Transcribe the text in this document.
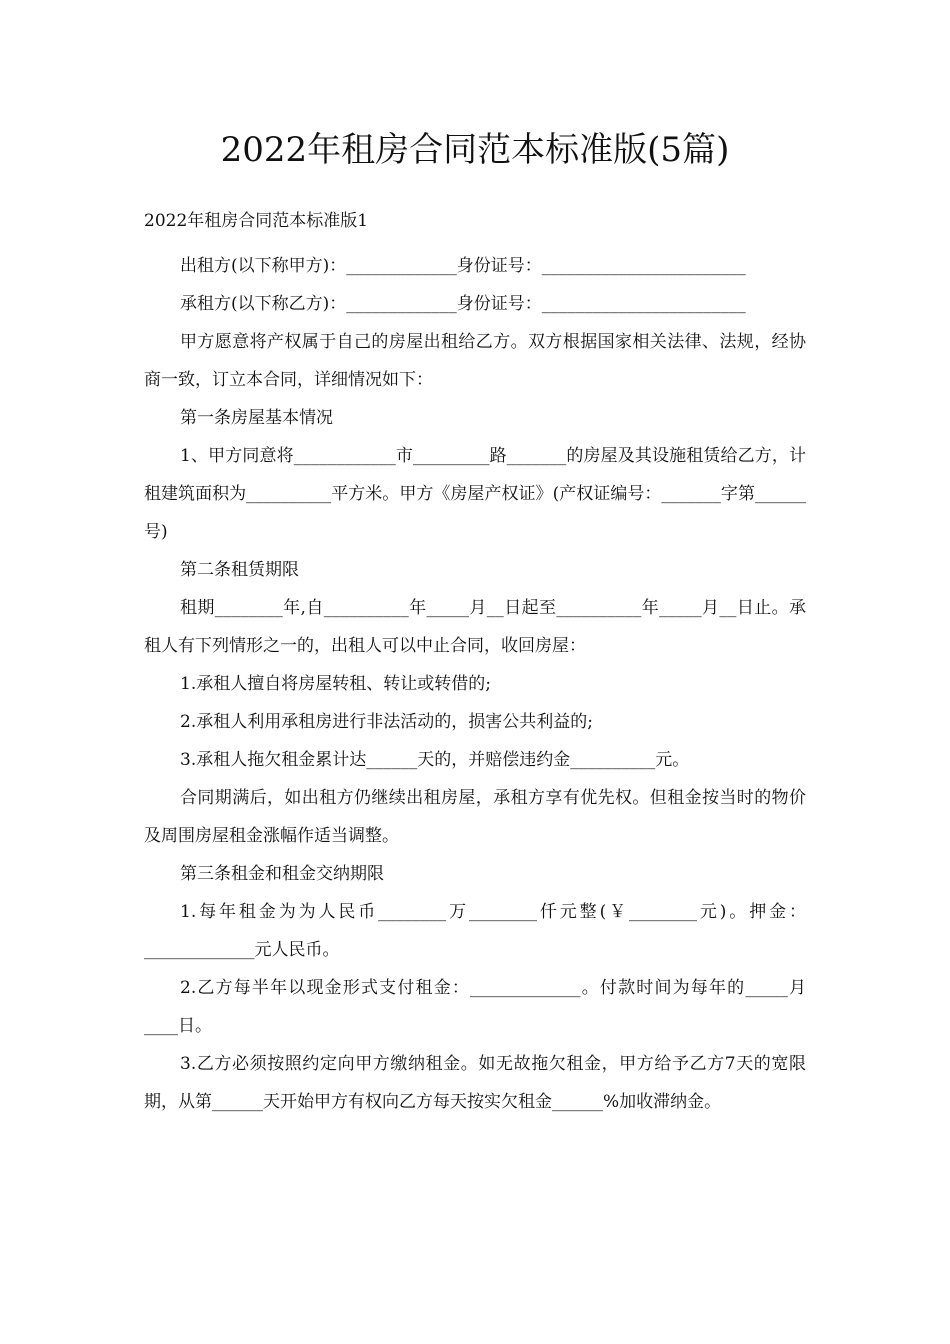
2022年租房合同范本标准版(5篇)
2022年租房合同范本标准版1

出租方(以下称甲方)：_____________身份证号：________________________

承租方(以下称乙方)：_____________身份证号：________________________

甲方愿意将产权属于自己的房屋出租给乙方。双方根据国家相关法律、法规，经协商一致，订立本合同，详细情况如下：

第一条房屋基本情况

1、甲方同意将____________市_________路_______的房屋及其设施租赁给乙方，计租建筑面积为__________平方米。甲方《房屋产权证》(产权证编号：_______字第______号)

第二条租赁期限

租期________年,自__________年_____月__日起至__________年_____月__日止。承租人有下列情形之一的，出租人可以中止合同，收回房屋：

1.承租人擅自将房屋转租、转让或转借的;

2.承租人利用承租房进行非法活动的，损害公共利益的;

3.承租人拖欠租金累计达______天的，并赔偿违约金__________元。

合同期满后，如出租方仍继续出租房屋，承租方享有优先权。但租金按当时的物价及周围房屋租金涨幅作适当调整。

第三条租金和租金交纳期限

1.每年租金为为人民币________万________仟元整(￥________元)。押金：_____________元人民币。

2.乙方每半年以现金形式支付租金：_____________。付款时间为每年的_____月____日。

3.乙方必须按照约定向甲方缴纳租金。如无故拖欠租金，甲方给予乙方7天的宽限期，从第______天开始甲方有权向乙方每天按实欠租金______%加收滞纳金。
